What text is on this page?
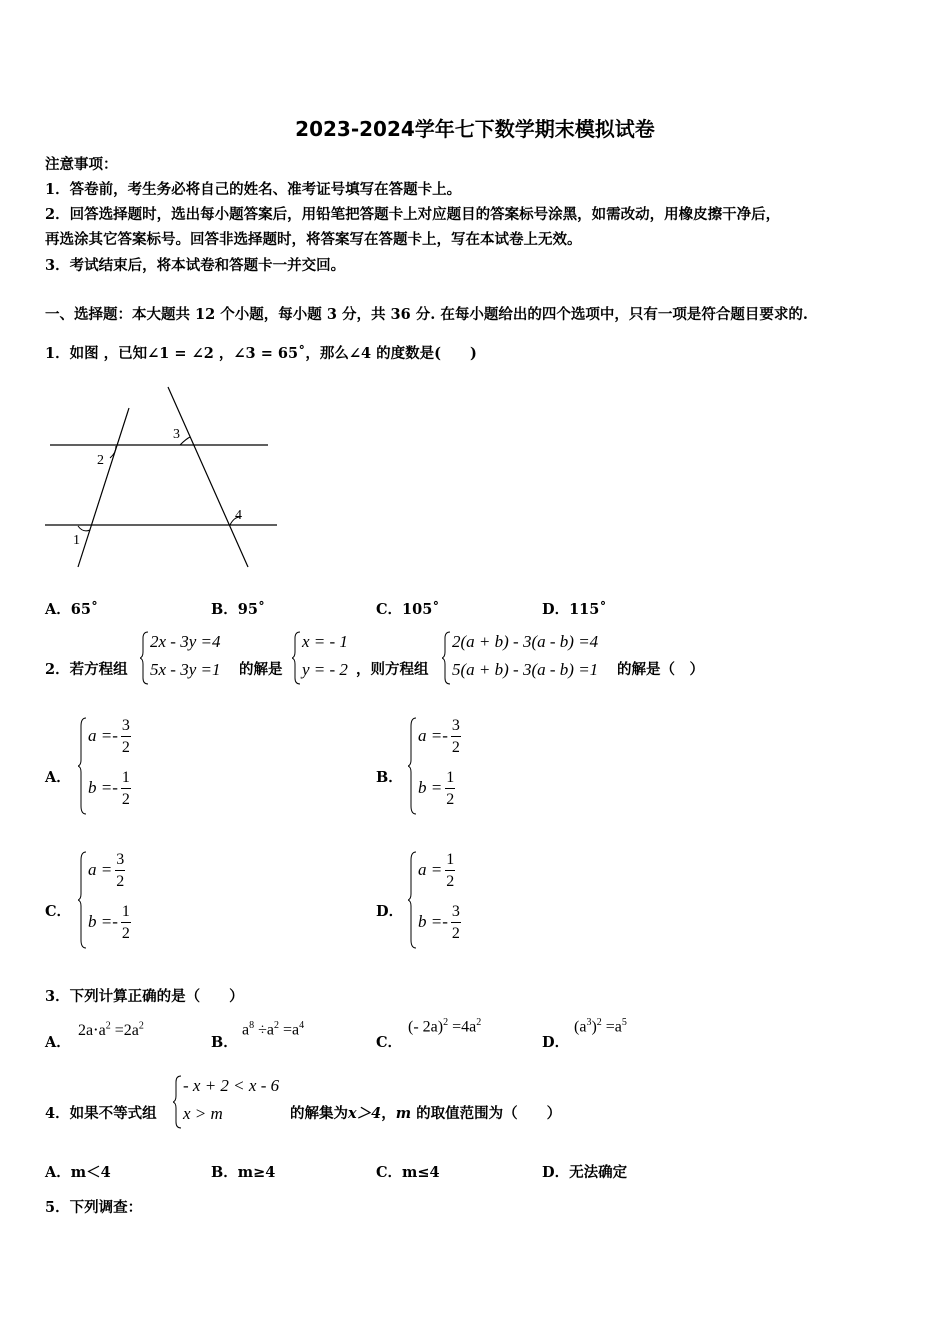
2023-2024学年七下数学期末模拟试卷
注意事项：
1．答卷前，考生务必将自己的姓名、准考证号填写在答题卡上。
2．回答选择题时，选出每小题答案后，用铅笔把答题卡上对应题目的答案标号涂黑，如需改动，用橡皮擦干净后，
再选涂其它答案标号。回答非选择题时，将答案写在答题卡上，写在本试卷上无效。
3．考试结束后，将本试卷和答题卡一并交回。
一、选择题：本大题共 12 个小题，每小题 3 分，共 36 分. 在每小题给出的四个选项中，只有一项是符合题目要求的.
1．如图 ，已知∠1 = ∠2 ，∠3 = 65˚，那么∠4 的度数是(　　)
1
2
3
4
A．65˚	B．95˚	C．105˚	D．115˚
2．若方程组
2x - 3y =4
5x - 3y =1 的解是
x = - 1
y = - 2 ，则方程组
2(a + b) - 3(a - b) =4
5(a + b) - 3(a - b) =1 的解是（　）
A．
$a =- \frac{3}{2}$
$b =- \frac{1}{2}$	B．
$a =- \frac{3}{2}$
$b = \frac{1}{2}$
C．
$a = \frac{3}{2}$
$b =- \frac{1}{2}$	D．
$a = \frac{1}{2}$
$b =- \frac{3}{2}$
3．下列计算正确的是（　　）
A．
$2a\cdot a^2 =2a^2$
B．
$a^8 \div a^2 =a^4$
C．
(- $2a)^2 =4a^2$
D．
$(a^3)^2 =a^5$
4．如果不等式组
- x + 2 < x - 6
x > m	的解集为x＞4，m 的取值范围为（　　）
A．m＜4	B．m≥4	C．m≤4	D．无法确定
5．下列调查：
